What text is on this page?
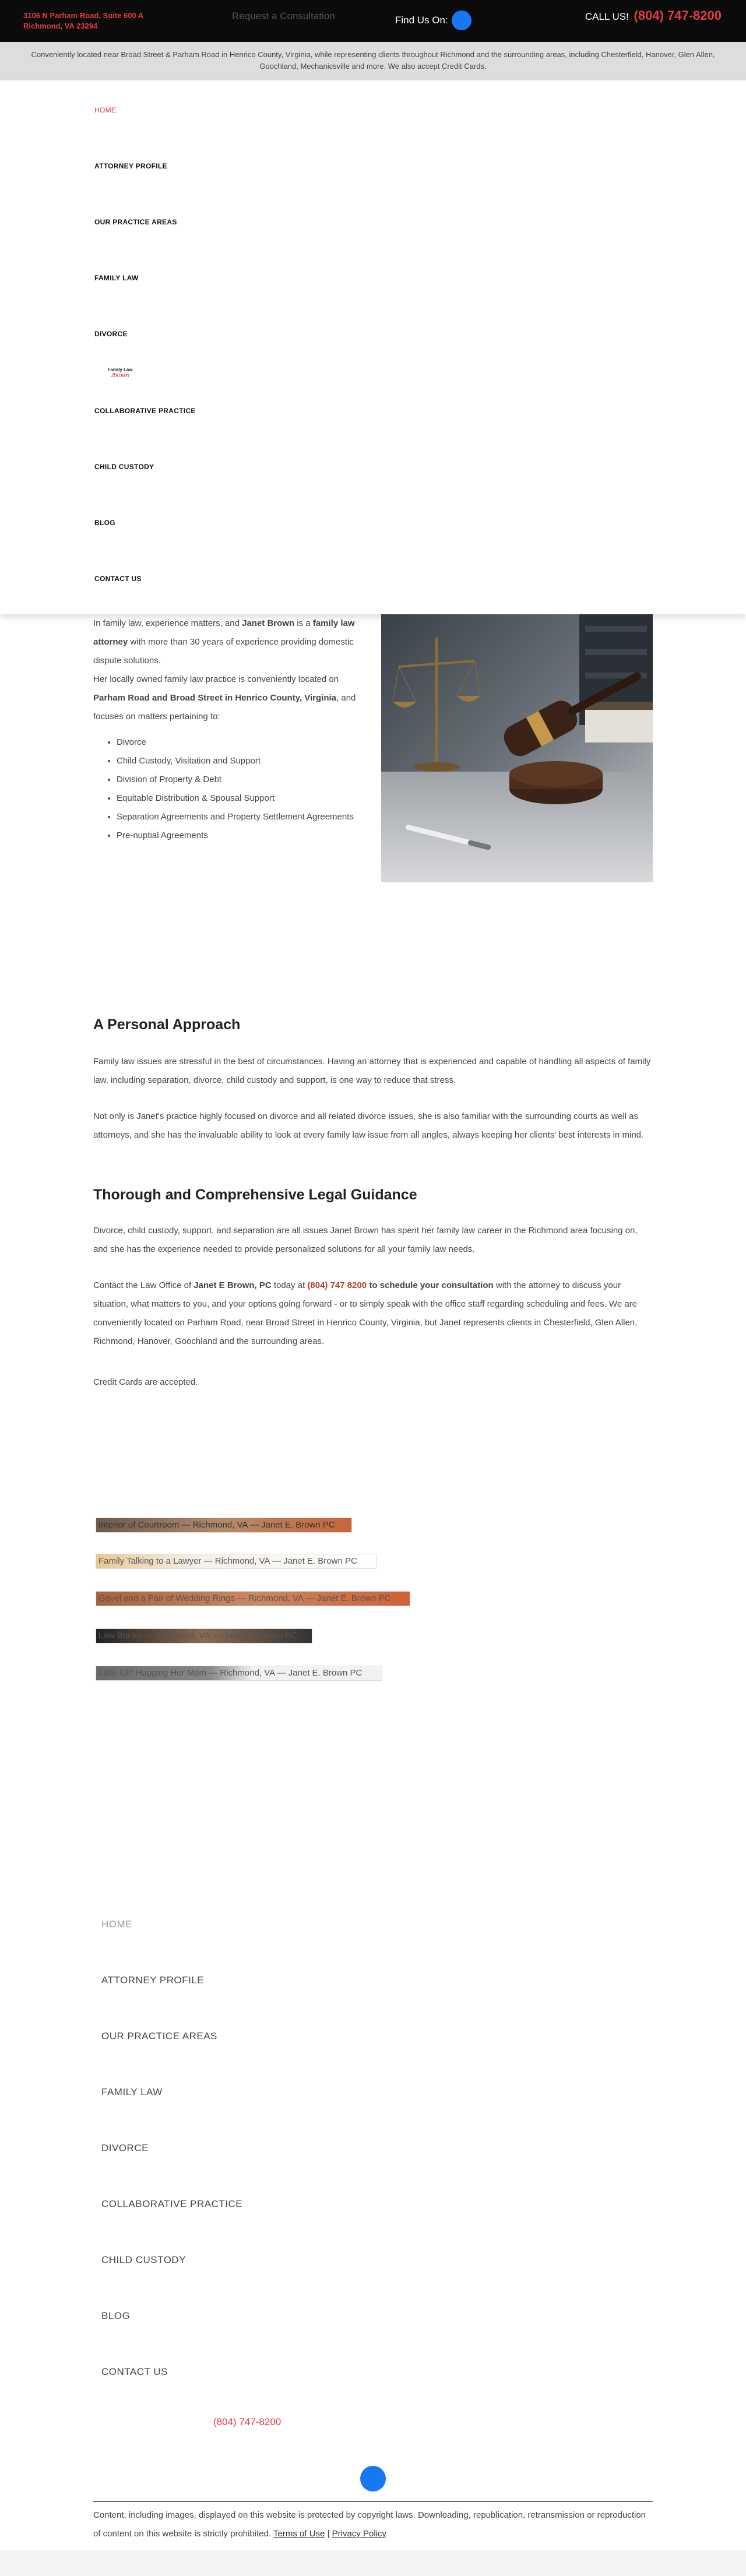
3106 N Parham Road, Suite 600 A
Richmond, VA 23294
Request a Consultation	Find Us On:	CALL US! (804) 747-8200
Conveniently located near Broad Street & Parham Road in Henrico County, Virginia, while representing clients throughout Richmond and the surrounding areas, including Chesterfield, Hanover, Glen Allen, Goochland, Mechanicsville and more. We also accept Credit Cards.
HOME
ATTORNEY PROFILE
OUR PRACTICE AREAS
FAMILY LAW
DIVORCE
COLLABORATIVE PRACTICE
CHILD CUSTODY
BLOG
CONTACT US
Family Law
Jbrown

In family law, experience matters, and Janet Brown is a family law attorney with more than 30 years of experience providing domestic dispute solutions.

Her locally owned family law practice is conveniently located on Parham Road and Broad Street in Henrico County, Virginia, and focuses on matters pertaining to:

• Divorce
• Child Custody, Visitation and Support
• Division of Property & Debt
• Equitable Distribution & Spousal Support
• Separation Agreements and Property Settlement Agreements
• Pre-nuptial Agreements
A Personal Approach

Family law issues are stressful in the best of circumstances. Having an attorney that is experienced and capable of handling all aspects of family law, including separation, divorce, child custody and support, is one way to reduce that stress.

Not only is Janet's practice highly focused on divorce and all related divorce issues, she is also familiar with the surrounding courts as well as attorneys, and she has the invaluable ability to look at every family law issue from all angles, always keeping her clients' best interests in mind.

Thorough and Comprehensive Legal Guidance

Divorce, child custody, support, and separation are all issues Janet Brown has spent her family law career in the Richmond area focusing on, and she has the experience needed to provide personalized solutions for all your family law needs.

Contact the Law Office of Janet E Brown, PC today at (804) 747 8200 to schedule your consultation with the attorney to discuss your situation, what matters to you, and your options going forward - or to simply speak with the office staff regarding scheduling and fees. We are conveniently located on Parham Road, near Broad Street in Henrico County, Virginia, but Janet represents clients in Chesterfield, Glen Allen, Richmond, Hanover, Goochland and the surrounding areas.

Credit Cards are accepted.

Interior of Courtroom — Richmond, VA — Janet E. Brown PC
Family Talking to a Lawyer — Richmond, VA — Janet E. Brown PC
Gavel and a Pair of Wedding Rings — Richmond, VA — Janet E. Brown PC
Law Books — Richmond, VA — Janet E. Brown PC
Little Girl Hugging Her Mom — Richmond, VA — Janet E. Brown PC
HOME
ATTORNEY PROFILE
OUR PRACTICE AREAS
FAMILY LAW
DIVORCE
COLLABORATIVE PRACTICE
CHILD CUSTODY
BLOG
CONTACT US
(804) 747-8200

Content, including images, displayed on this website is protected by copyright laws. Downloading, republication, retransmission or reproduction of content on this website is strictly prohibited. Terms of Use | Privacy Policy
